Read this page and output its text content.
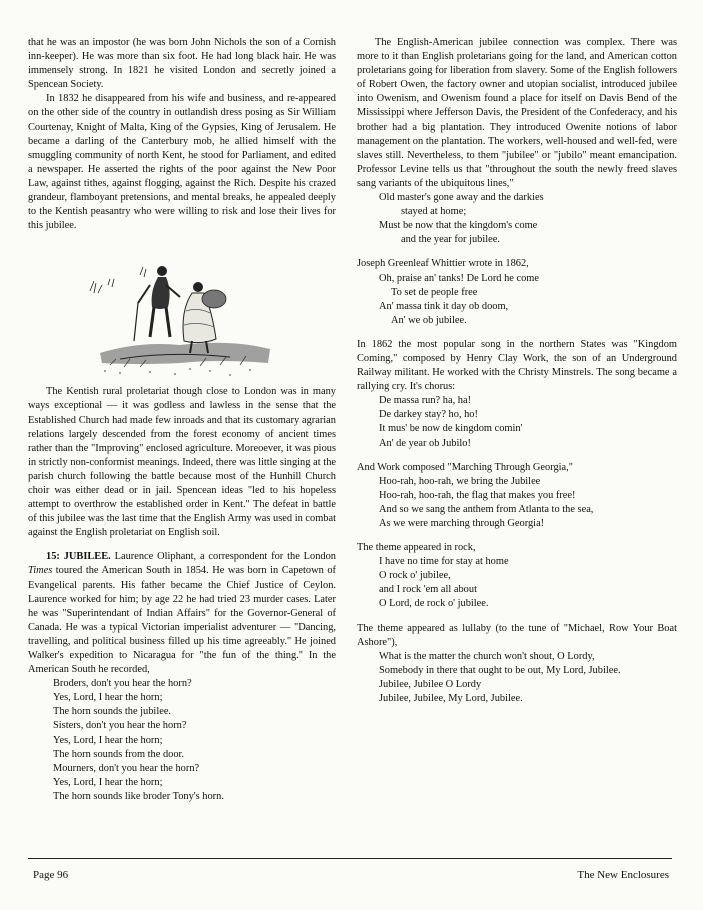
that he was an impostor (he was born John Nichols the son of a Cornish inn-keeper). He was more than six foot. He had long black hair. He was immensely strong. In 1821 he visited London and secretly joined a Spencean Society.

In 1832 he disappeared from his wife and business, and re-appeared on the other side of the country in outlandish dress posing as Sir William Courtenay, Knight of Malta, King of the Gypsies, King of Jerusalem. He became a darling of the Canterbury mob, he allied himself with the smuggling community of north Kent, he stood for Parliament, and edited a newspaper. He asserted the rights of the poor against the New Poor Law, against tithes, against flogging, against the Rich. Despite his crazed grandeur, flamboyant pretensions, and mental breaks, he appealed deeply to the Kentish peasantry who were willing to risk and lose their lives for this jubilee.

The Kentish rural proletariat though close to London was in many ways exceptional — it was godless and lawless in the sense that the Established Church had made few inroads and that its customary agrarian relations largely descended from the forest economy of ancient times rather than the "Improving" enclosed agriculture. Moreoever, it was pious in strictly non-conformist meanings. Indeed, there was little singing at the parish church following the battle because most of the Hunhill Church choir was either dead or in jail. Spencean ideas "led to his hopeless attempt to overthrow the established order in Kent." The defeat in battle of this jubilee was the last time that the English Army was used in combat against the English proletariat on English soil.

15: JUBILEE. Laurence Oliphant, a correspondent for the London Times toured the American South in 1854. He was born in Capetown of Evangelical parents. His father became the Chief Justice of Ceylon. Laurence worked for him; by age 22 he had tried 23 murder cases. Later he was "Superintendant of Indian Affairs" for the Governor-General of Canada. He was a typical Victorian imperialist adventurer — "Dancing, travelling, and political business filled up his time agreeably." He joined Walker's expedition to Nicaragua for "the fun of the thing." In the American South he recorded,

Broders, don't you hear the horn?
Yes, Lord, I hear the horn;
The horn sounds the jubilee.
Sisters, don't you hear the horn?
Yes, Lord, I hear the horn;
The horn sounds from the door.
Mourners, don't you hear the horn?
Yes, Lord, I hear the horn;
The horn sounds like broder Tony's horn.

The English-American jubilee connection was complex. There was more to it than English proletarians going for the land, and American cotton proletarians going for liberation from slavery. Some of the English followers of Robert Owen, the factory owner and utopian socialist, introduced jubilee into Owenism, and Owenism found a place for itself on Davis Bend of the Mississippi where Jefferson Davis, the President of the Confederacy, and his brother had a big plantation. They introduced Owenite notions of labor management on the plantation. The workers, well-housed and well-fed, were slaves still. Nevertheless, to them "jubilee" or "jubilo" meant emancipation. Professor Levine tells us that "throughout the south the newly freed slaves sang variants of the ubiquitous lines,"

Old master's gone away and the darkies
stayed at home;
Must be now that the kingdom's come
and the year for jubilee.

Joseph Greenleaf Whittier wrote in 1862,

Oh, praise an' tanks! De Lord he come
To set de people free
An' massa tink it day ob doom,
An' we ob jubilee.

In 1862 the most popular song in the northern States was "Kingdom Coming," composed by Henry Clay Work, the son of an Underground Railway militant. He worked with the Christy Minstrels. The song became a rallying cry. It's chorus:

De massa run? ha, ha!
De darkey stay? ho, ho!
It mus' be now de kingdom comin'
An' de year ob Jubilo!

And Work composed "Marching Through Georgia,"

Hoo-rah, hoo-rah, we bring the Jubilee
Hoo-rah, hoo-rah, the flag that makes you free!
And so we sang the anthem from Atlanta to the sea,
As we were marching through Georgia!

The theme appeared in rock,

I have no time for stay at home
O rock o' jubilee,
and I rock 'em all about
O Lord, de rock o' jubilee.

The theme appeared as lullaby (to the tune of "Michael, Row Your Boat Ashore"),

What is the matter the church won't shout, O Lordy,
Somebody in there that ought to be out, My Lord, Jubilee.
Jubilee, Jubilee O Lordy
Jubilee, Jubilee, My Lord, Jubilee.
Page 96	The New Enclosures
